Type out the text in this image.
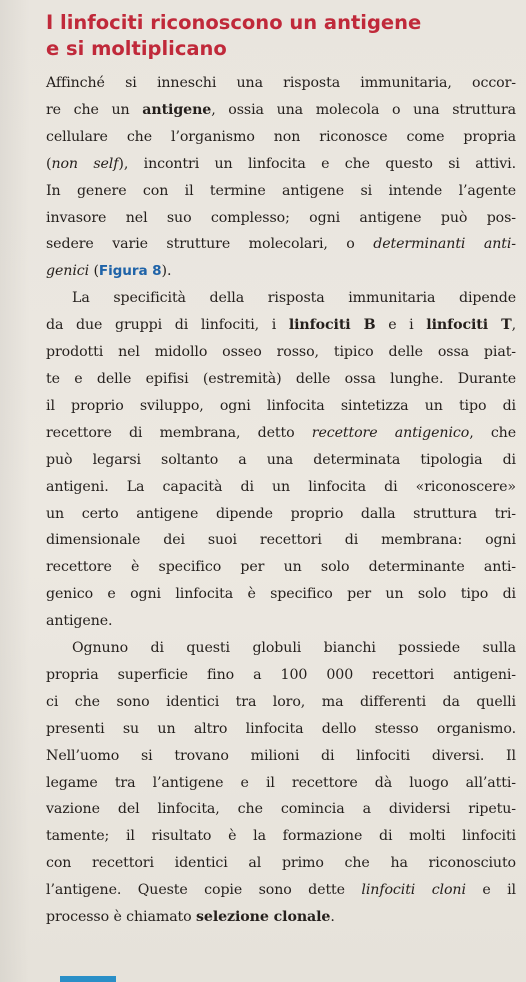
I linfociti riconoscono un antigene
e si moltiplicano

Affinché si inneschi una risposta immunitaria, occor-
re che un antigene, ossia una molecola o una struttura
cellulare che l’organismo non riconosce come propria
(non self), incontri un linfocita e che questo si attivi.
In genere con il termine antigene si intende l’agente
invasore nel suo complesso; ogni antigene può pos-
sedere varie strutture molecolari, o determinanti anti-
genici (Figura 8).

La specificità della risposta immunitaria dipende
da due gruppi di linfociti, i linfociti B e i linfociti T,
prodotti nel midollo osseo rosso, tipico delle ossa piat-
te e delle epifisi (estremità) delle ossa lunghe. Durante
il proprio sviluppo, ogni linfocita sintetizza un tipo di
recettore di membrana, detto recettore antigenico, che
può legarsi soltanto a una determinata tipologia di
antigeni. La capacità di un linfocita di «riconoscere»
un certo antigene dipende proprio dalla struttura tri-
dimensionale dei suoi recettori di membrana: ogni
recettore è specifico per un solo determinante anti-
genico e ogni linfocita è specifico per un solo tipo di
antigene.

Ognuno di questi globuli bianchi possiede sulla
propria superficie fino a 100 000 recettori antigeni-
ci che sono identici tra loro, ma differenti da quelli
presenti su un altro linfocita dello stesso organismo.
Nell’uomo si trovano milioni di linfociti diversi. Il
legame tra l’antigene e il recettore dà luogo all’atti-
vazione del linfocita, che comincia a dividersi ripetu-
tamente; il risultato è la formazione di molti linfociti
con recettori identici al primo che ha riconosciuto
l’antigene. Queste copie sono dette linfociti cloni e il
processo è chiamato selezione clonale.
